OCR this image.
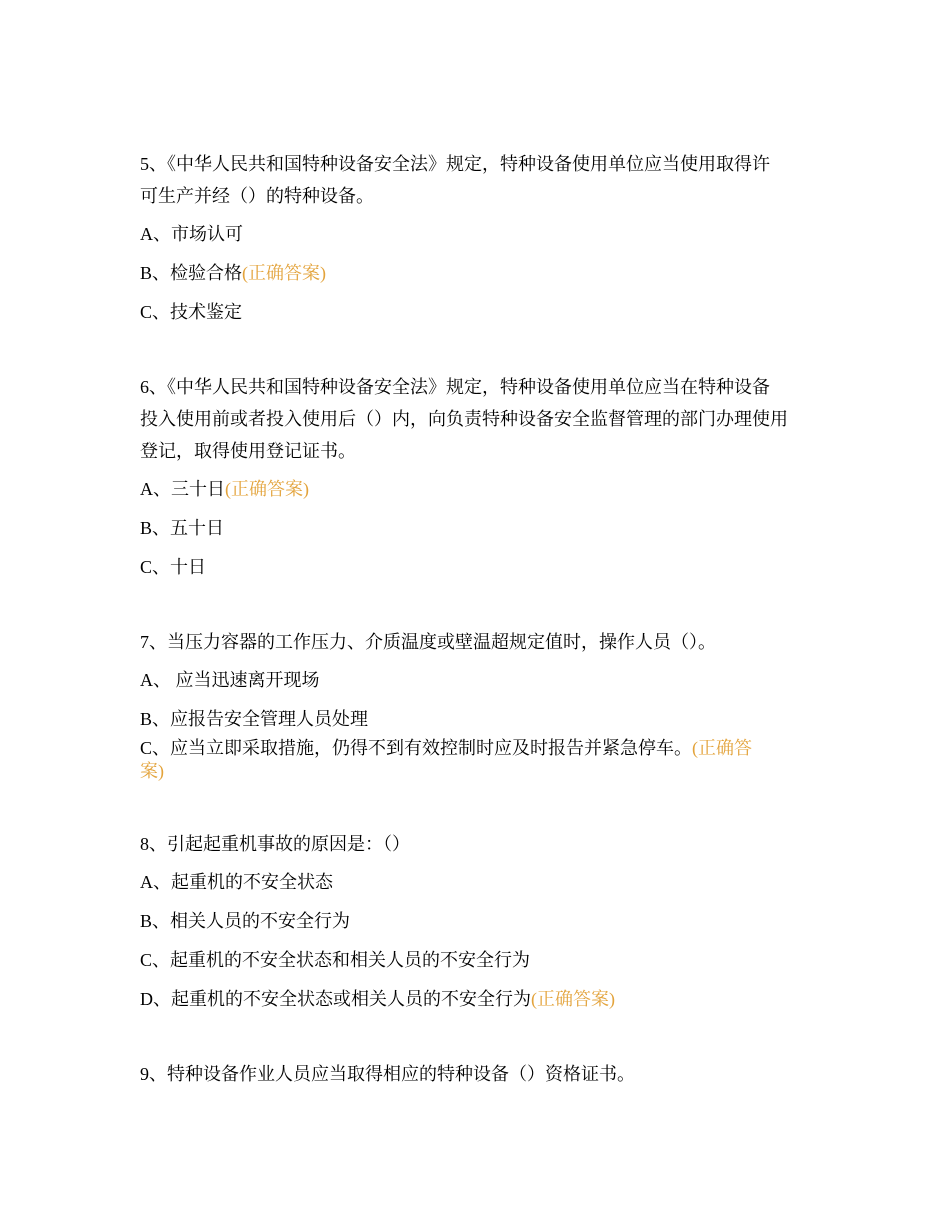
5、《中华人民共和国特种设备安全法》规定，特种设备使用单位应当使用取得许
可生产并经（）的特种设备。

A、市场认可

B、检验合格(正确答案)

C、技术鉴定

6、《中华人民共和国特种设备安全法》规定，特种设备使用单位应当在特种设备
投入使用前或者投入使用后（）内，向负责特种设备安全监督管理的部门办理使用
登记，取得使用登记证书。

A、三十日(正确答案)

B、五十日

C、十日

7、当压力容器的工作压力、介质温度或壁温超规定值时，操作人员（）。

A、 应当迅速离开现场

B、应报告安全管理人员处理

C、应当立即采取措施，仍得不到有效控制时应及时报告并紧急停车。(正确答
案)

8、引起起重机事故的原因是：（）

A、起重机的不安全状态

B、相关人员的不安全行为

C、起重机的不安全状态和相关人员的不安全行为

D、起重机的不安全状态或相关人员的不安全行为(正确答案)

9、特种设备作业人员应当取得相应的特种设备（）资格证书。
